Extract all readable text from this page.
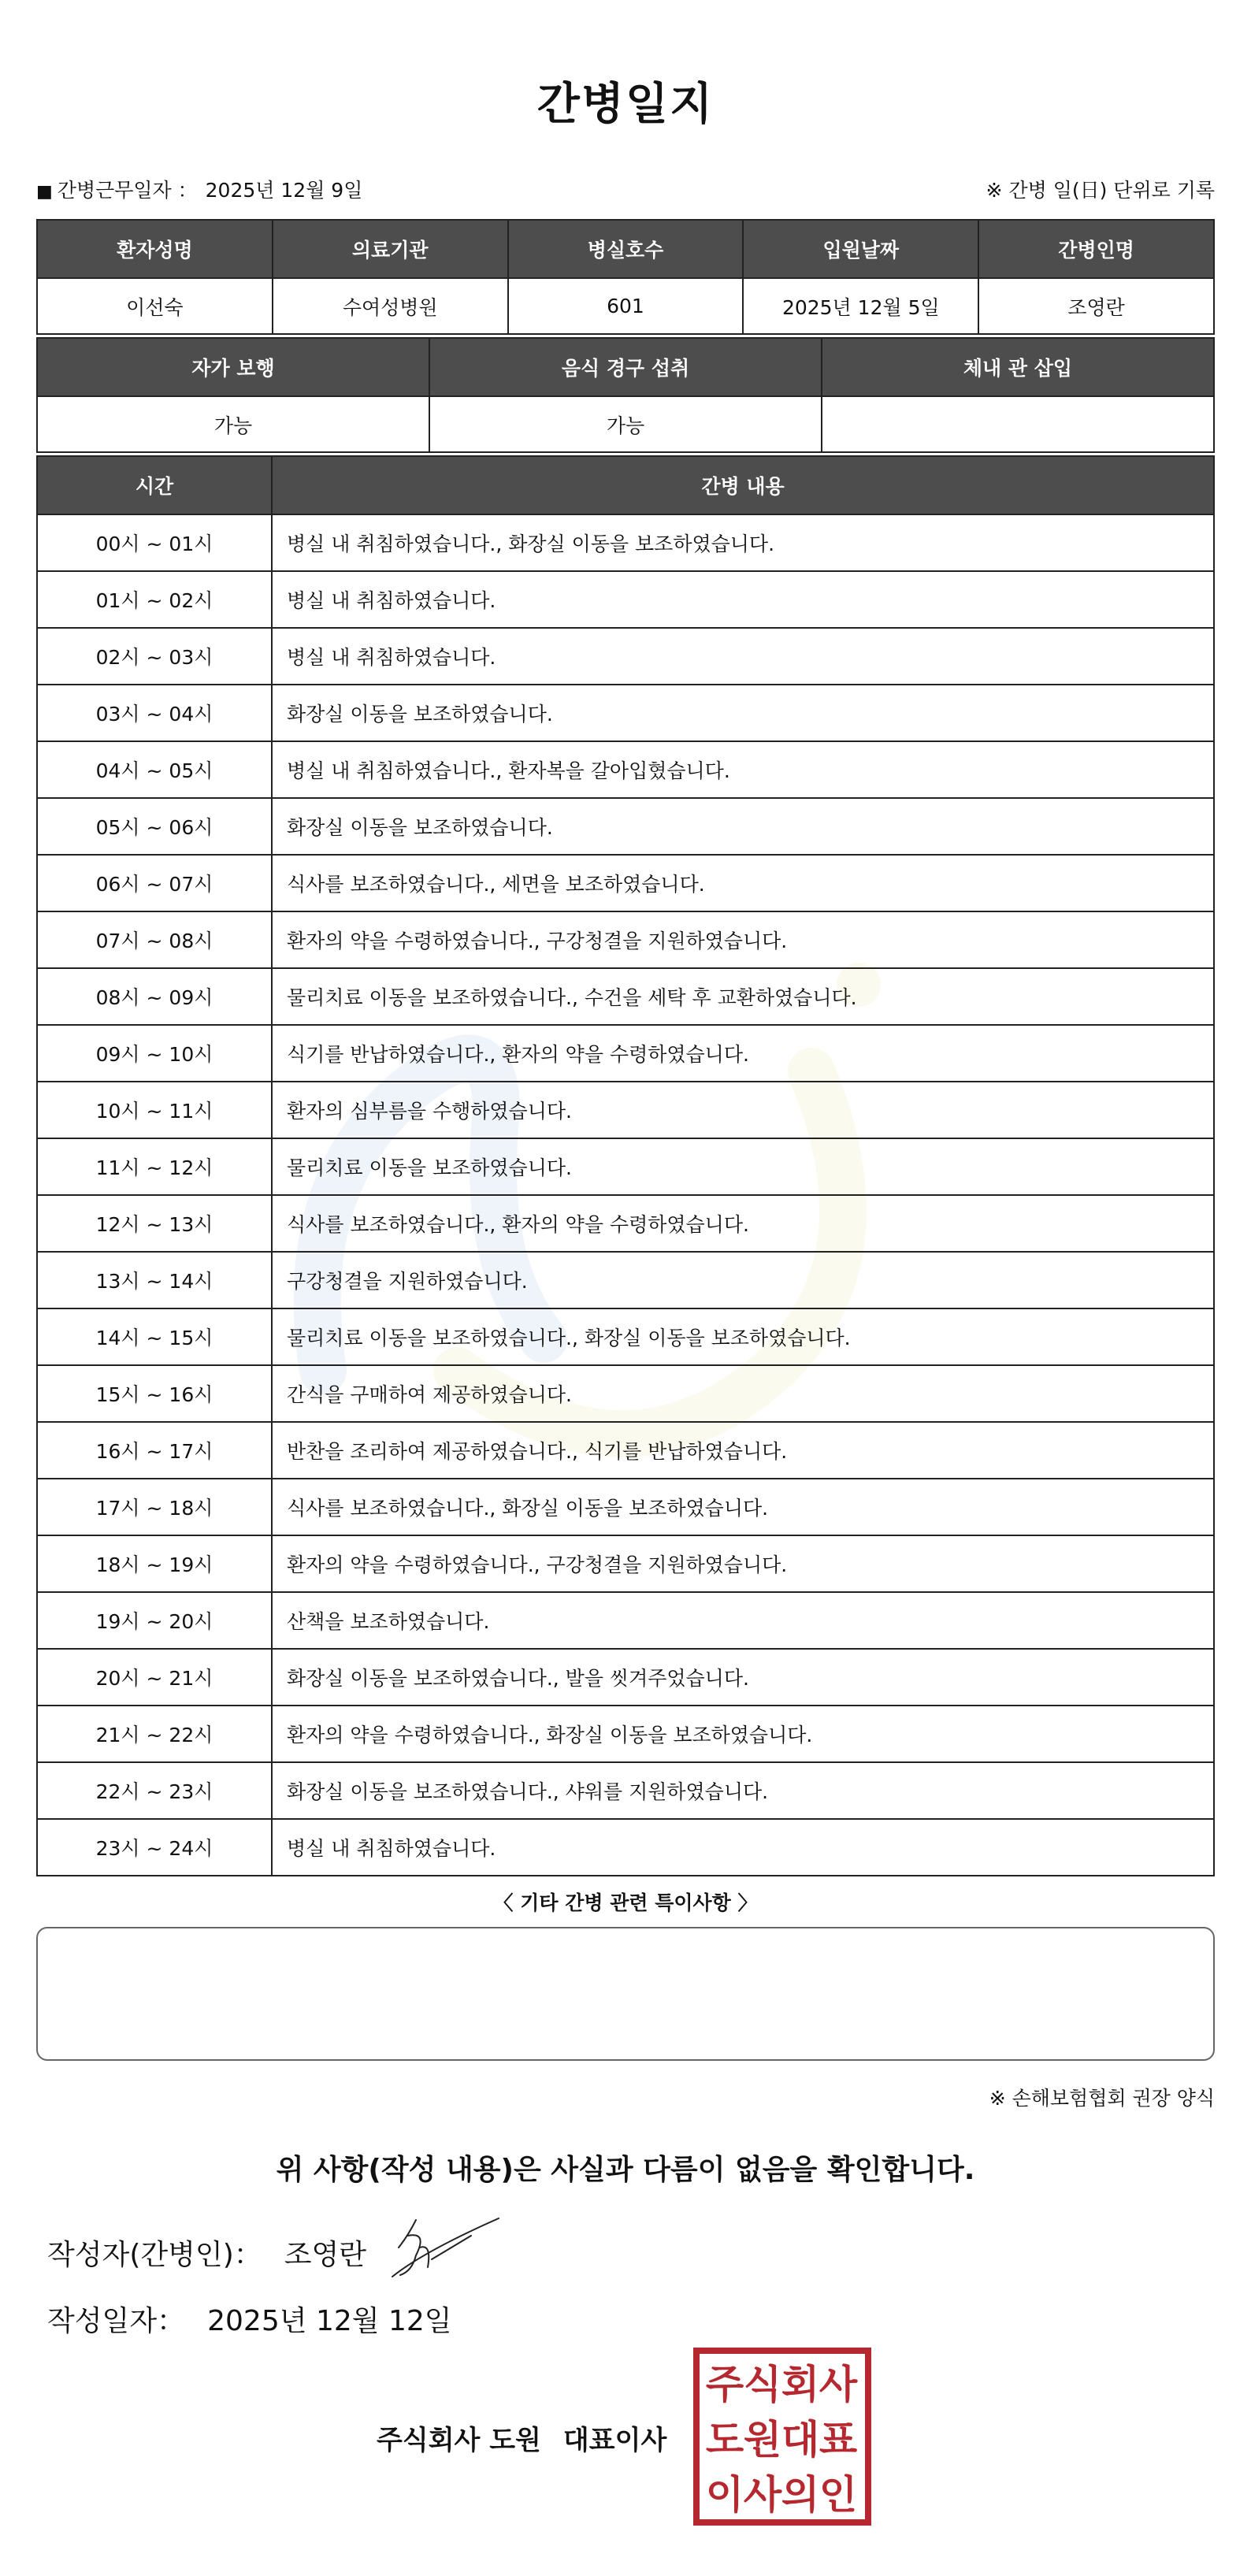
간병일지
■ 간병근무일자 ： 2025년 12월 9일	※ 간병 일(日) 단위로 기록
환자성명	의료기관	병실호수	입원날짜	간병인명
이선숙	수여성병원	601	2025년 12월 5일	조영란
자가 보행	음식 경구 섭취	체내 관 삽입
가능	가능	
시간	간병 내용
00시 ~ 01시	병실 내 취침하였습니다., 화장실 이동을 보조하였습니다.
01시 ~ 02시	병실 내 취침하였습니다.
02시 ~ 03시	병실 내 취침하였습니다.
03시 ~ 04시	화장실 이동을 보조하였습니다.
04시 ~ 05시	병실 내 취침하였습니다., 환자복을 갈아입혔습니다.
05시 ~ 06시	화장실 이동을 보조하였습니다.
06시 ~ 07시	식사를 보조하였습니다., 세면을 보조하였습니다.
07시 ~ 08시	환자의 약을 수령하였습니다., 구강청결을 지원하였습니다.
08시 ~ 09시	물리치료 이동을 보조하였습니다., 수건을 세탁 후 교환하였습니다.
09시 ~ 10시	식기를 반납하였습니다., 환자의 약을 수령하였습니다.
10시 ~ 11시	환자의 심부름을 수행하였습니다.
11시 ~ 12시	물리치료 이동을 보조하였습니다.
12시 ~ 13시	식사를 보조하였습니다., 환자의 약을 수령하였습니다.
13시 ~ 14시	구강청결을 지원하였습니다.
14시 ~ 15시	물리치료 이동을 보조하였습니다., 화장실 이동을 보조하였습니다.
15시 ~ 16시	간식을 구매하여 제공하였습니다.
16시 ~ 17시	반찬을 조리하여 제공하였습니다., 식기를 반납하였습니다.
17시 ~ 18시	식사를 보조하였습니다., 화장실 이동을 보조하였습니다.
18시 ~ 19시	환자의 약을 수령하였습니다., 구강청결을 지원하였습니다.
19시 ~ 20시	산책을 보조하였습니다.
20시 ~ 21시	화장실 이동을 보조하였습니다., 발을 씻겨주었습니다.
21시 ~ 22시	환자의 약을 수령하였습니다., 화장실 이동을 보조하였습니다.
22시 ~ 23시	화장실 이동을 보조하였습니다., 샤워를 지원하였습니다.
23시 ~ 24시	병실 내 취침하였습니다.
〈 기타 간병 관련 특이사항 〉
※ 손해보험협회 권장 양식
위 사항(작성 내용)은 사실과 다름이 없음을 확인합니다.
작성자(간병인)： 조영란
작성일자： 2025년 12월 12일
주식회사 도원 대표이사
주 식 회 사
도 원 대 표
이 사 의 인
